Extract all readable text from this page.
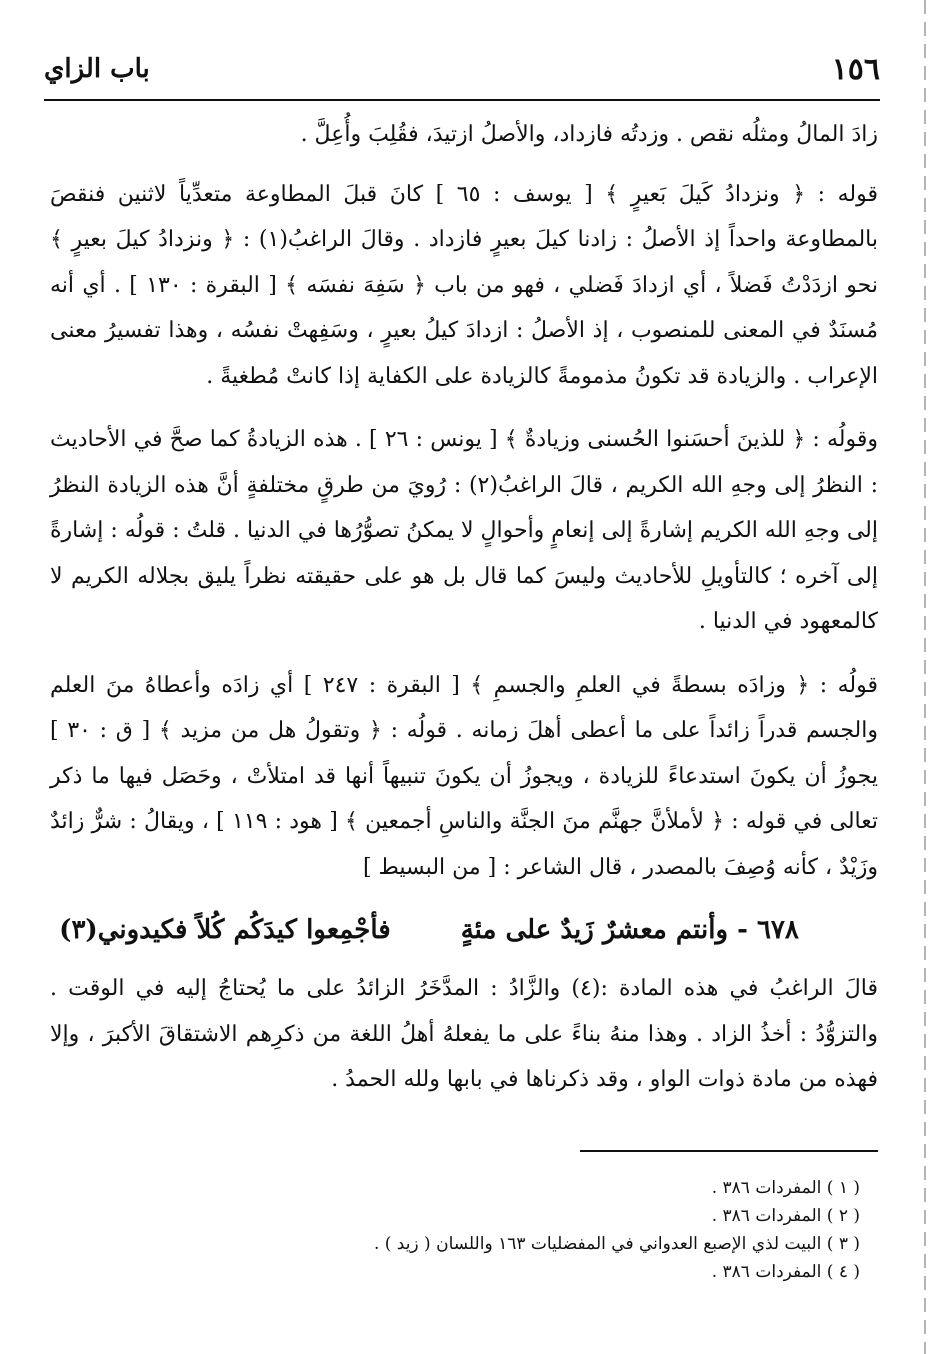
١٥٦
باب الزاي

زادَ المالُ ومثلُه نقص . وزدتُه فازداد، والأصلُ ازتيدَ، فقُلِبَ وأُعِلَّ .

قوله : ﴿ ونزدادُ كَيلَ بَعيرٍ ﴾ [ يوسف : ٦٥ ] كانَ قبلَ المطاوعة متعدِّياً لاثنين فنقصَ بالمطاوعة واحداً إذ الأصلُ : زادنا كيلَ بعيرٍ فازداد . وقالَ الراغبُ(١) : ﴿ ونزدادُ كيلَ بعيرٍ ﴾ نحو ازدَدْتُ فَضلاً ، أي ازدادَ فَضلي ، فهو من باب ﴿ سَفِهَ نفسَه ﴾ [ البقرة : ١٣٠ ] . أي أنه مُسنَدٌ في المعنى للمنصوب ، إذ الأصلُ : ازدادَ كيلُ بعيرٍ ، وسَفِهتْ نفسُه ، وهذا تفسيرُ معنى الإعراب . والزيادة قد تكونُ مذمومةً كالزيادة على الكفاية إذا كانتْ مُطغيةً .

وقولُه : ﴿ للذينَ أحسَنوا الحُسنى وزيادةٌ ﴾ [ يونس : ٢٦ ] . هذه الزيادةُ كما صحَّ في الأحاديث : النظرُ إلى وجهِ الله الكريم ، قالَ الراغبُ(٢) : رُويَ من طرقٍ مختلفةٍ أنَّ هذه الزيادة النظرُ إلى وجهِ الله الكريم إشارةً إلى إنعامٍ وأحوالٍ لا يمكنُ تصوُّرُها في الدنيا . قلتُ : قولُه : إشارةً إلى آخره ؛ كالتأويلِ للأحاديث وليسَ كما قال بل هو على حقيقته نظراً يليق بجلاله الكريم لا كالمعهود في الدنيا .

قولُه : ﴿ وزادَه بسطةً في العلمِ والجسمِ ﴾ [ البقرة : ٢٤٧ ] أي زادَه وأعطاهُ منَ العلم والجسم قدراً زائداً على ما أعطى أهلَ زمانه . قولُه : ﴿ وتقولُ هل من مزيد ﴾ [ ق : ٣٠ ] يجوزُ أن يكونَ استدعاءً للزيادة ، ويجوزُ أن يكونَ تنبيهاً أنها قد امتلأتْ ، وحَصَل فيها ما ذكر تعالى في قوله : ﴿ لأملأنَّ جهنَّم منَ الجنَّة والناسِ أجمعين ﴾ [ هود : ١١٩ ] ، ويقالُ : شرٌّ زائدٌ وزَيْدٌ ، كأنه وُصِفَ بالمصدر ، قال الشاعر : [ من البسيط ]

٦٧٨ - وأنتم معشرٌ زَيدٌ على مئةٍ
فأجْمِعوا كيدَكُم كُلاً فكيدوني(٣)

قالَ الراغبُ في هذه المادة :(٤) والزَّادُ : المدَّخَرُ الزائدُ على ما يُحتاجُ إليه في الوقت . والتزوُّدُ : أخذُ الزاد . وهذا منهُ بناءً على ما يفعلهُ أهلُ اللغة من ذكرِهم الاشتقاقَ الأكبرَ ، وإلا فهذه من مادة ذوات الواو ، وقد ذكرناها في بابها ولله الحمدُ .

( ١ ) المفردات ٣٨٦ .
( ٢ ) المفردات ٣٨٦ .
( ٣ ) البيت لذي الإصبع العدواني في المفضليات ١٦٣ واللسان ( زيد ) .
( ٤ ) المفردات ٣٨٦ .
